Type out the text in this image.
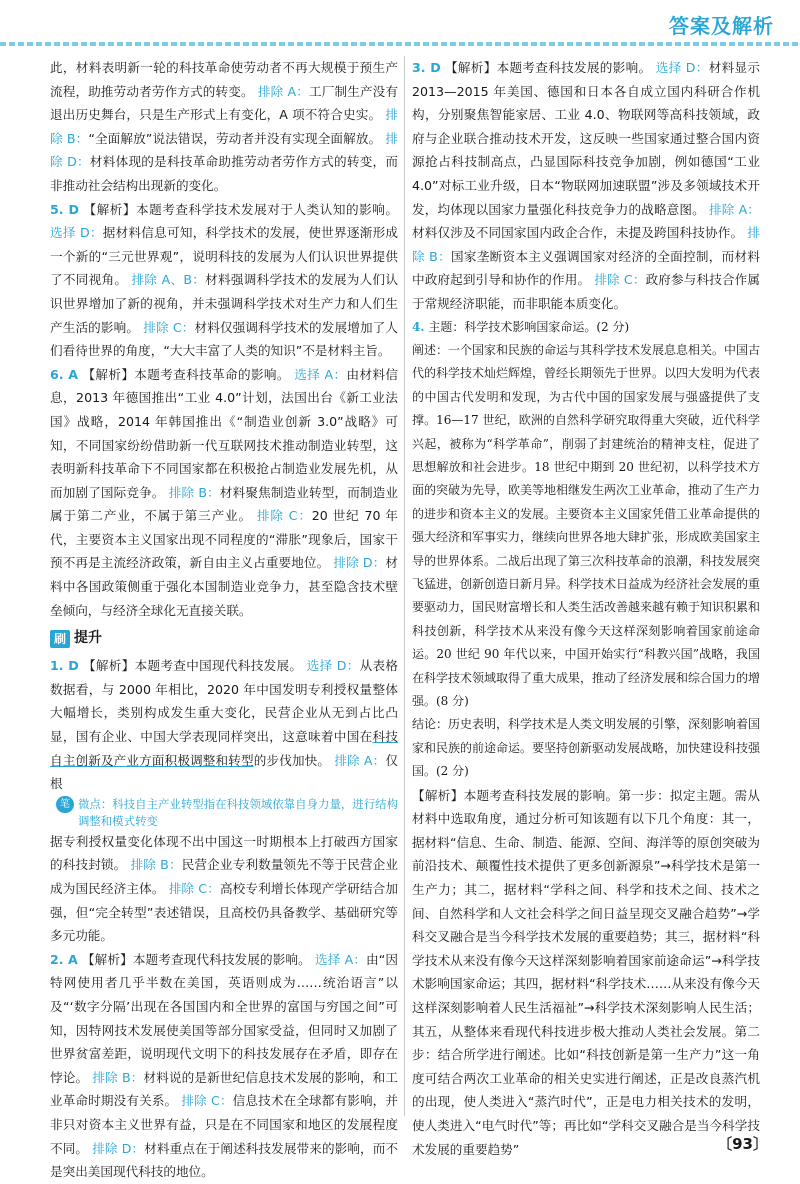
答案及解析

此，材料表明新一轮的科技革命使劳动者不再大规模于预生产流程，助推劳动者劳作方式的转变。 排除 A：工厂制生产没有退出历史舞台，只是生产形式上有变化，A 项不符合史实。 排除 B：“全面解放”说法错误，劳动者并没有实现全面解放。 排除 D：材料体现的是科技革命助推劳动者劳作方式的转变，而非推动社会结构出现新的变化。

5. D 【解析】本题考查科学技术发展对于人类认知的影响。 选择 D：据材料信息可知，科学技术的发展，使世界逐渐形成一个新的“三元世界观”，说明科技的发展为人们认识世界提供了不同视角。 排除 A、B：材料强调科学技术的发展为人们认识世界增加了新的视角，并未强调科学技术对生产力和人们生产生活的影响。 排除 C：材料仅强调科学技术的发展增加了人们看待世界的角度，“大大丰富了人类的知识”不是材料主旨。

6. A 【解析】本题考查科技革命的影响。 选择 A：由材料信息，2013 年德国推出“工业 4.0”计划，法国出台《新工业法国》战略，2014 年韩国推出《“制造业创新 3.0”战略》可知，不同国家纷纷借助新一代互联网技术推动制造业转型，这表明新科技革命下不同国家都在积极抢占制造业发展先机，从而加剧了国际竞争。 排除 B：材料聚焦制造业转型，而制造业属于第二产业，不属于第三产业。 排除 C：20 世纪 70 年代，主要资本主义国家出现不同程度的“滞胀”现象后，国家干预不再是主流经济政策，新自由主义占重要地位。 排除 D：材料中各国政策侧重于强化本国制造业竞争力，甚至隐含技术壁垒倾向，与经济全球化无直接关联。

刷 提升

1. D 【解析】本题考查中国现代科技发展。 选择 D：从表格数据看，与 2000 年相比，2020 年中国发明专利授权量整体大幅增长，类别构成发生重大变化，民营企业从无到占比凸显，国有企业、中国大学表现同样突出，这意味着中国在科技自主创新及产业方面积极调整和转型的步伐加快。 排除 A：仅根

笔 微点：科技自主产业转型指在科技领域依靠自身力量，进行结构调整和模式转变

据专利授权量变化体现不出中国这一时期根本上打破西方国家的科技封锁。 排除 B：民营企业专利数量领先不等于民营企业成为国民经济主体。 排除 C：高校专利增长体现产学研结合加强，但“完全转型”表述错误，且高校仍具备教学、基础研究等多元功能。

2. A 【解析】本题考查现代科技发展的影响。 选择 A：由“因特网使用者几乎半数在美国，英语则成为……统治语言”以及“‘数字分隔’出现在各国国内和全世界的富国与穷国之间”可知，因特网技术发展使美国等部分国家受益，但同时又加剧了世界贫富差距，说明现代文明下的科技发展存在矛盾，即存在悖论。 排除 B：材料说的是新世纪信息技术发展的影响，和工业革命时期没有关系。 排除 C：信息技术在全球都有影响，并非只对资本主义世界有益，只是在不同国家和地区的发展程度不同。 排除 D：材料重点在于阐述科技发展带来的影响，而不是突出美国现代科技的地位。

3. D 【解析】本题考查科技发展的影响。 选择 D：材料显示 2013—2015 年美国、德国和日本各自成立国内科研合作机构，分别聚焦智能家居、工业 4.0、物联网等高科技领域，政府与企业联合推动技术开发，这反映一些国家通过整合国内资源抢占科技制高点，凸显国际科技竞争加剧，例如德国“工业 4.0”对标工业升级，日本“物联网加速联盟”涉及多领域技术开发，均体现以国家力量强化科技竞争力的战略意图。 排除 A：材料仅涉及不同国家国内政企合作，未提及跨国科技协作。 排除 B：国家垄断资本主义强调国家对经济的全面控制，而材料中政府起到引导和协作的作用。 排除 C：政府参与科技合作属于常规经济职能，而非职能本质变化。

4. 主题：科学技术影响国家命运。(2 分)

阐述：一个国家和民族的命运与其科学技术发展息息相关。中国古代的科学技术灿烂辉煌，曾经长期领先于世界。以四大发明为代表的中国古代发明和发现，为古代中国的国家发展与强盛提供了支撑。16—17 世纪，欧洲的自然科学研究取得重大突破，近代科学兴起，被称为“科学革命”，削弱了封建统治的精神支柱，促进了思想解放和社会进步。18 世纪中期到 20 世纪初，以科学技术方面的突破为先导，欧美等地相继发生两次工业革命，推动了生产力的进步和资本主义的发展。主要资本主义国家凭借工业革命提供的强大经济和军事实力，继续向世界各地大肆扩张，形成欧美国家主导的世界体系。二战后出现了第三次科技革命的浪潮，科技发展突飞猛进，创新创造日新月异。科学技术日益成为经济社会发展的重要驱动力，国民财富增长和人类生活改善越来越有赖于知识积累和科技创新，科学技术从来没有像今天这样深刻影响着国家前途命运。20 世纪 90 年代以来，中国开始实行“科教兴国”战略，我国在科学技术领域取得了重大成果，推动了经济发展和综合国力的增强。(8 分)

结论：历史表明，科学技术是人类文明发展的引擎，深刻影响着国家和民族的前途命运。要坚持创新驱动发展战略，加快建设科技强国。(2 分)

【解析】本题考查科技发展的影响。第一步：拟定主题。需从材料中选取角度，通过分析可知该题有以下几个角度：其一，据材料“信息、生命、制造、能源、空间、海洋等的原创突破为前沿技术、颠覆性技术提供了更多创新源泉”→科学技术是第一生产力；其二，据材料“学科之间、科学和技术之间、技术之间、自然科学和人文社会科学之间日益呈现交叉融合趋势”→学科交叉融合是当今科学技术发展的重要趋势；其三，据材料“科学技术从来没有像今天这样深刻影响着国家前途命运”→科学技术影响国家命运；其四，据材料“科学技术……从来没有像今天这样深刻影响着人民生活福祉”→科学技术深刻影响人民生活；其五，从整体来看现代科技进步极大推动人类社会发展。第二步：结合所学进行阐述。比如“科技创新是第一生产力”这一角度可结合两次工业革命的相关史实进行阐述，正是改良蒸汽机的出现，使人类进入“蒸汽时代”，正是电力相关技术的发明，使人类进入“电气时代”等；再比如“学科交叉融合是当今科学技术发展的重要趋势”	〔93〕
